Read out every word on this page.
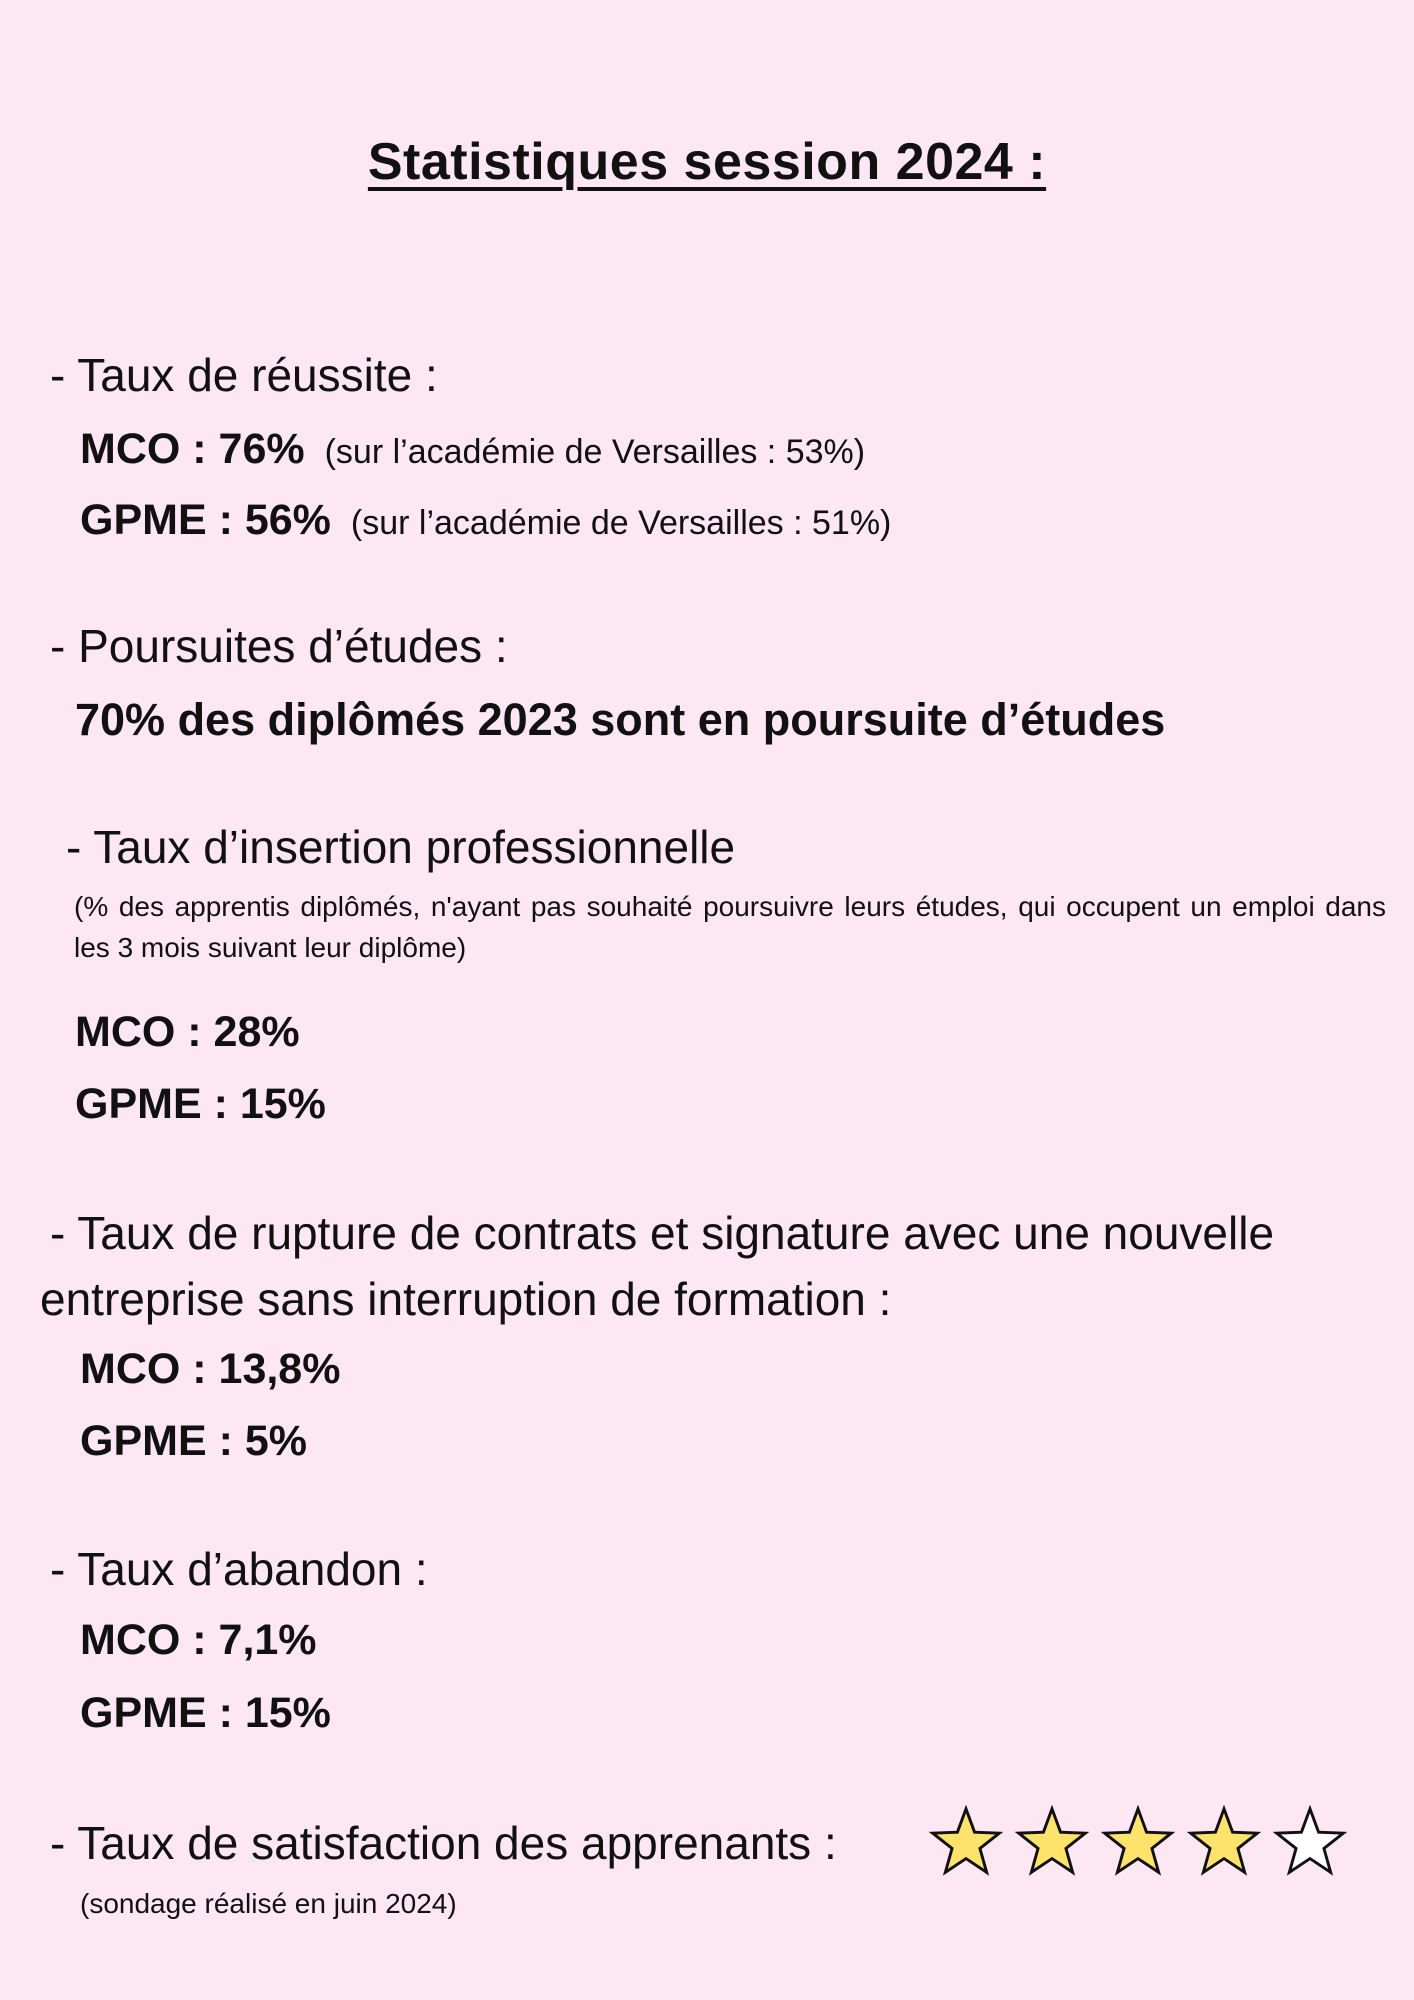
Statistiques session 2024 :
- Taux de réussite :
MCO : 76% (sur l’académie de Versailles : 53%)
GPME : 56% (sur l’académie de Versailles : 51%)
- Poursuites d’études :
70% des diplômés 2023 sont en poursuite d’études
- Taux d’insertion professionnelle
(% des apprentis diplômés, n'ayant pas souhaité poursuivre leurs études, qui occupent un emploi dans les 3 mois suivant leur diplôme)
MCO : 28%
GPME : 15%
- Taux de rupture de contrats et signature avec une nouvelle
entreprise sans interruption de formation :
MCO : 13,8%
GPME : 5%
- Taux d’abandon :
MCO : 7,1%
GPME : 15%
- Taux de satisfaction des apprenants :
(sondage réalisé en juin 2024)
